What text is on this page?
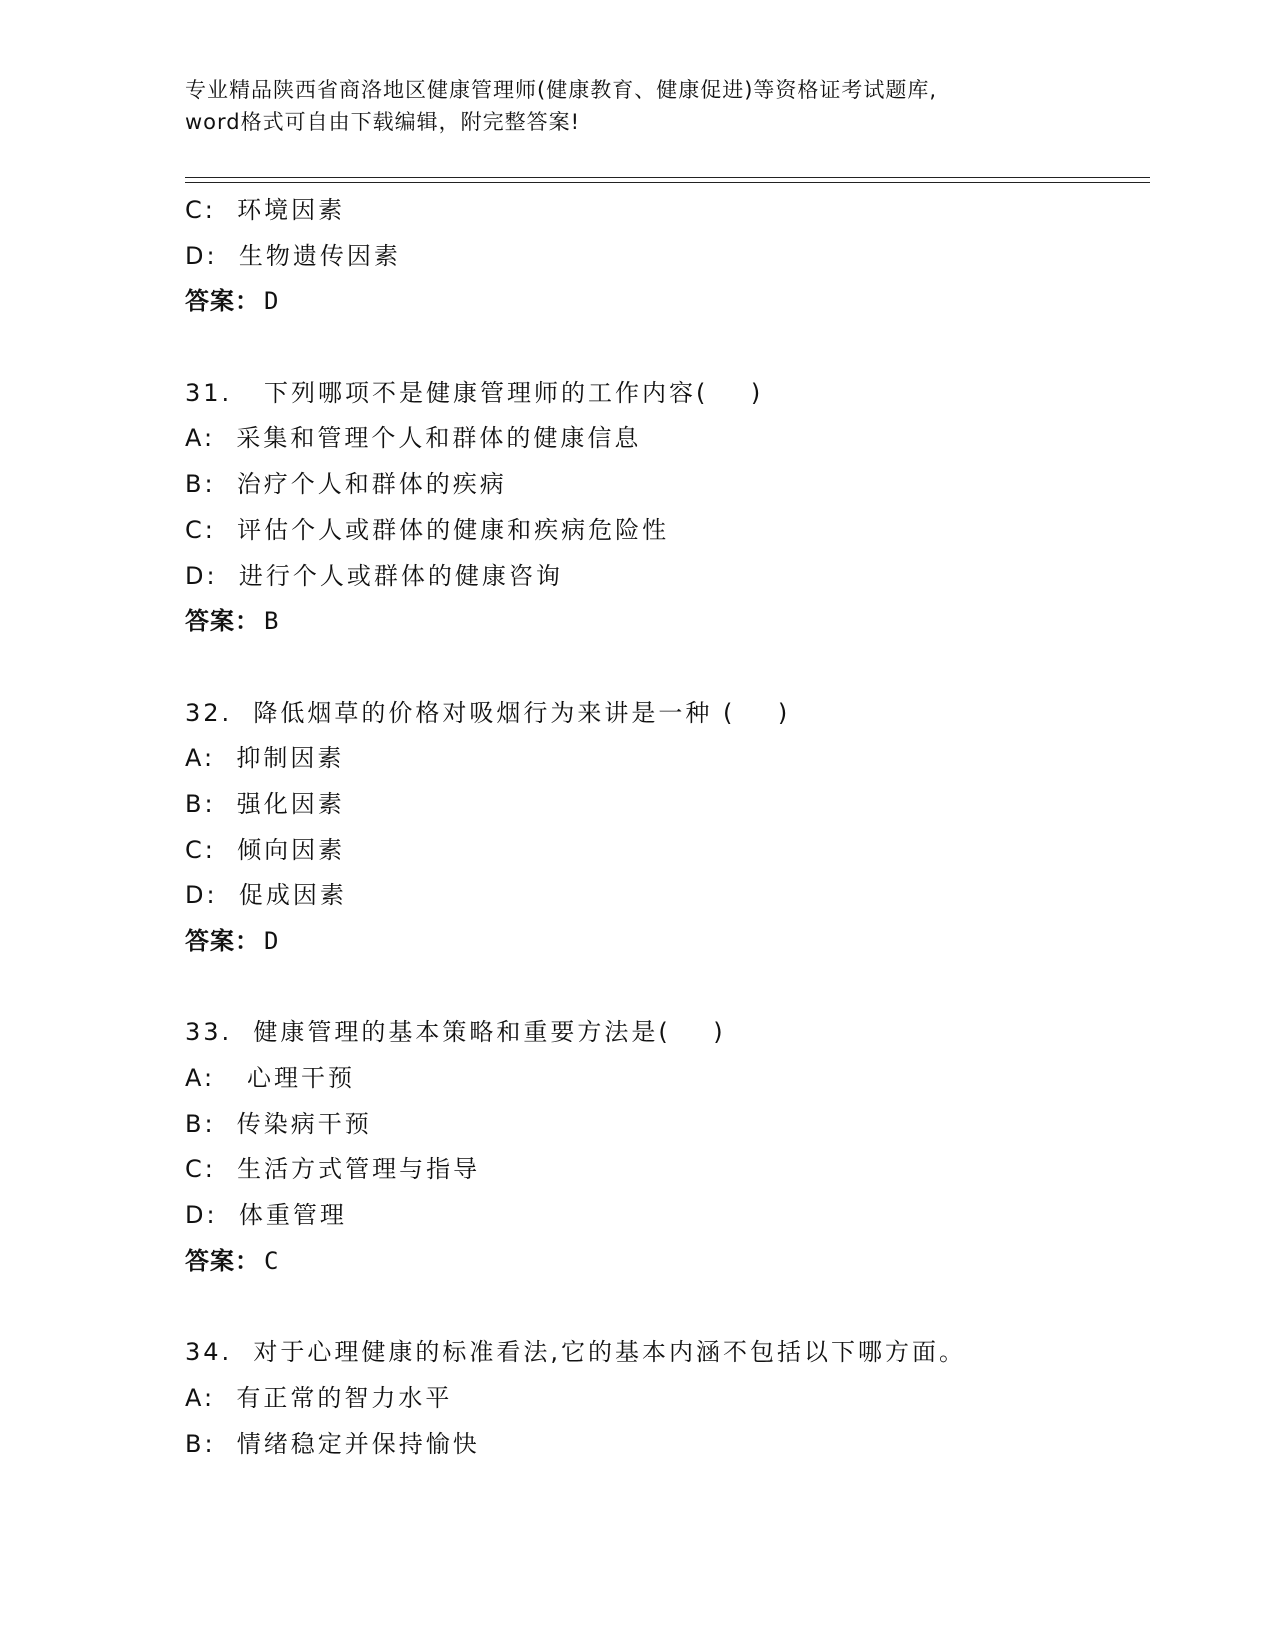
专业精品陕西省商洛地区健康管理师(健康教育、健康促进)等资格证考试题库,
word格式可自由下载编辑，附完整答案!
C:  环境因素
D:  生物遗传因素
答案： D
31.   下列哪项不是健康管理师的工作内容(    )
A:  采集和管理个人和群体的健康信息
B:  治疗个人和群体的疾病
C:  评估个人或群体的健康和疾病危险性
D:  进行个人或群体的健康咨询
答案： B
32.  降低烟草的价格对吸烟行为来讲是一种 (    )
A:  抑制因素
B:  强化因素
C:  倾向因素
D:  促成因素
答案： D
33.  健康管理的基本策略和重要方法是(    )
A:   心理干预
B:  传染病干预
C:  生活方式管理与指导
D:  体重管理
答案： C
34.  对于心理健康的标准看法,它的基本内涵不包括以下哪方面。
A:  有正常的智力水平
B:  情绪稳定并保持愉快
